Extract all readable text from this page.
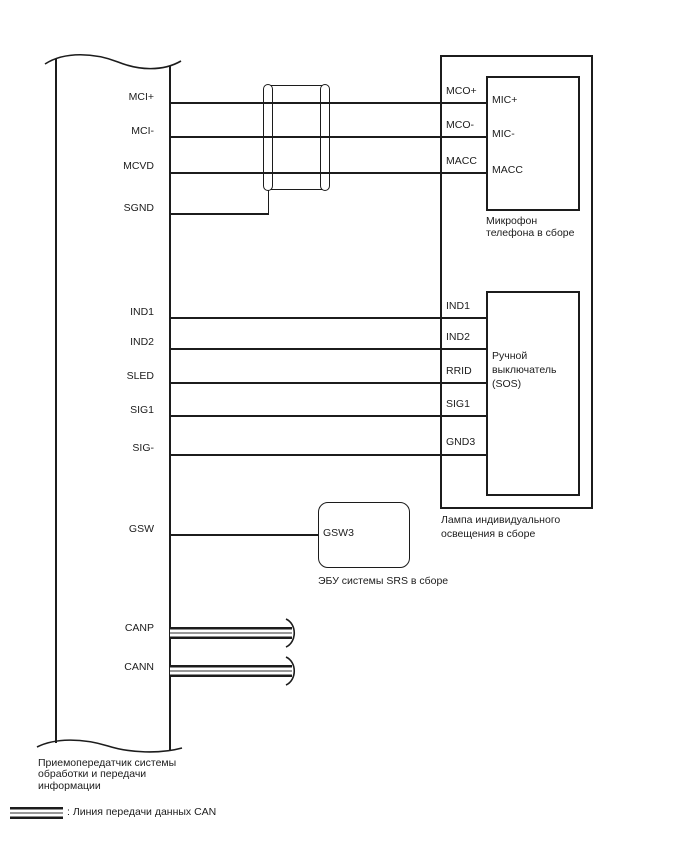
MCI+
MCI-
MCVD
SGND
IND1
IND2
SLED
SIG1
SIG-
GSW
CANP
CANN
MCO+
MCO-
MACC
IND1
IND2
RRID
SIG1
GND3
MIC+
MIC-
MACC
Микрофон
телефона в сборе
Ручной
выключатель
(SOS)
Лампа индивидуального
освещения в сборе
GSW3
ЭБУ системы SRS в сборе
Приемопередатчик системы
обработки и передачи
информации
: Линия передачи данных CAN
